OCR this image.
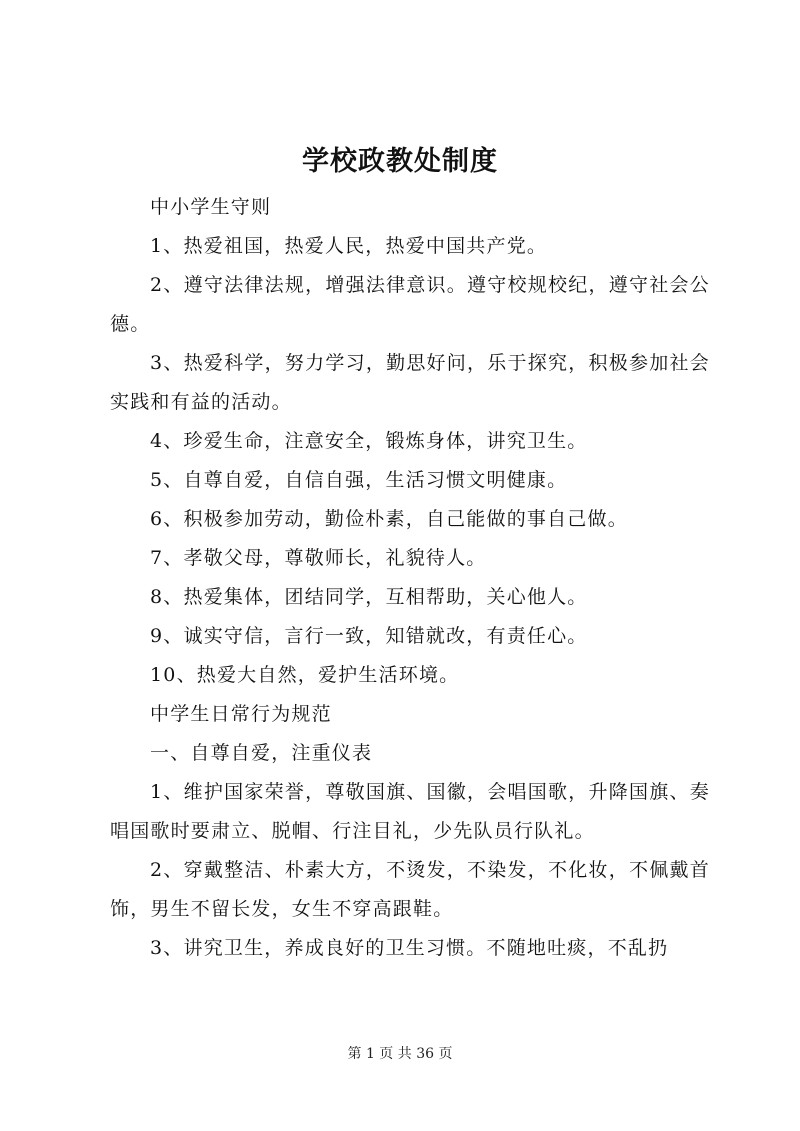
学校政教处制度

中小学生守则

1、热爱祖国，热爱人民，热爱中国共产党。

2、遵守法律法规，增强法律意识。遵守校规校纪，遵守社会公德。

3、热爱科学，努力学习，勤思好问，乐于探究，积极参加社会实践和有益的活动。

4、珍爱生命，注意安全，锻炼身体，讲究卫生。

5、自尊自爱，自信自强，生活习惯文明健康。

6、积极参加劳动，勤俭朴素，自己能做的事自己做。

7、孝敬父母，尊敬师长，礼貌待人。

8、热爱集体，团结同学，互相帮助，关心他人。

9、诚实守信，言行一致，知错就改，有责任心。

10、热爱大自然，爱护生活环境。

中学生日常行为规范

一、自尊自爱，注重仪表

1、维护国家荣誉，尊敬国旗、国徽，会唱国歌，升降国旗、奏唱国歌时要肃立、脱帽、行注目礼，少先队员行队礼。

2、穿戴整洁、朴素大方，不烫发，不染发，不化妆，不佩戴首饰，男生不留长发，女生不穿高跟鞋。

3、讲究卫生，养成良好的卫生习惯。不随地吐痰，不乱扔

第 1 页 共 36 页
